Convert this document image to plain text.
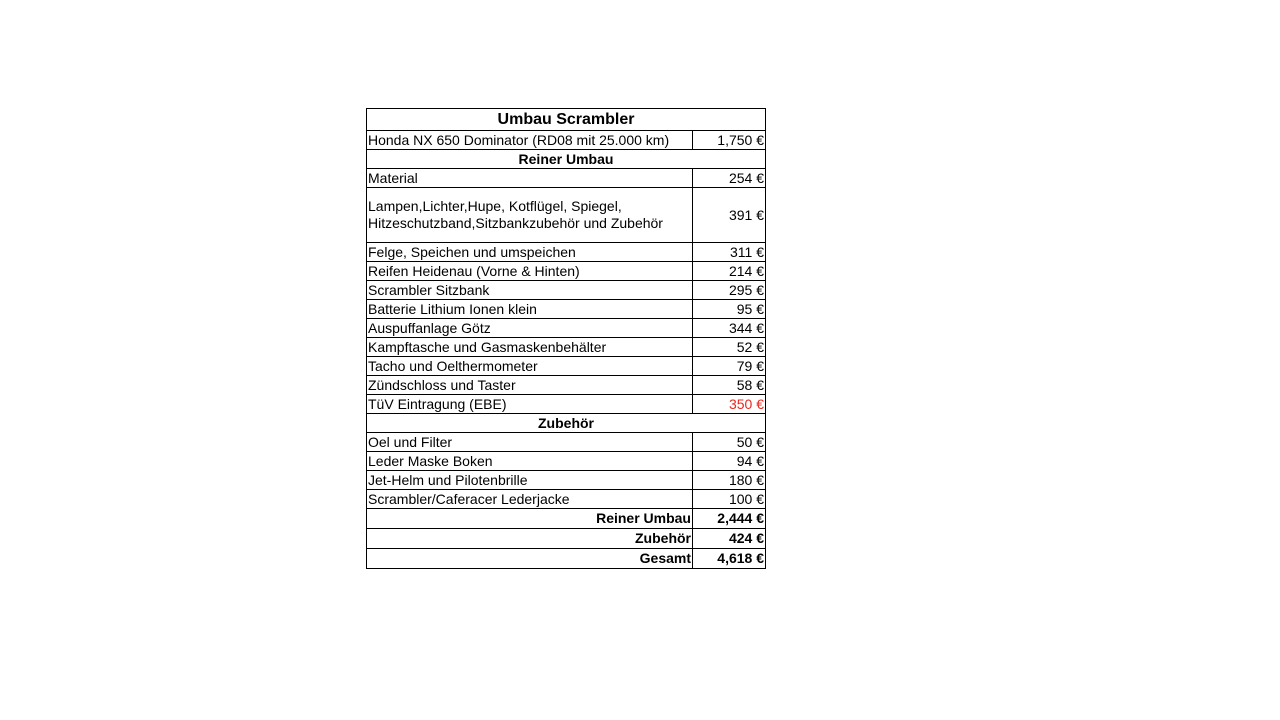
Umbau Scrambler	
Honda NX 650 Dominator (RD08 mit 25.000 km)	1,750 €
Reiner Umbau	
Material	254 €
Lampen,Lichter,Hupe, Kotflügel, Spiegel, Hitzeschutzband,Sitzbankzubehör und Zubehör	391 €
Felge, Speichen und umspeichen	311 €
Reifen Heidenau (Vorne & Hinten)	214 €
Scrambler Sitzbank	295 €
Batterie Lithium Ionen klein	95 €
Auspuffanlage Götz	344 €
Kampftasche und Gasmaskenbehälter	52 €
Tacho und Oelthermometer	79 €
Zündschloss und Taster	58 €
TüV Eintragung (EBE)	350 €
Zubehör	
Oel und Filter	50 €
Leder Maske Boken	94 €
Jet-Helm und Pilotenbrille	180 €
Scrambler/Caferacer Lederjacke	100 €
Reiner Umbau	2,444 €
Zubehör	424 €
Gesamt	4,618 €
